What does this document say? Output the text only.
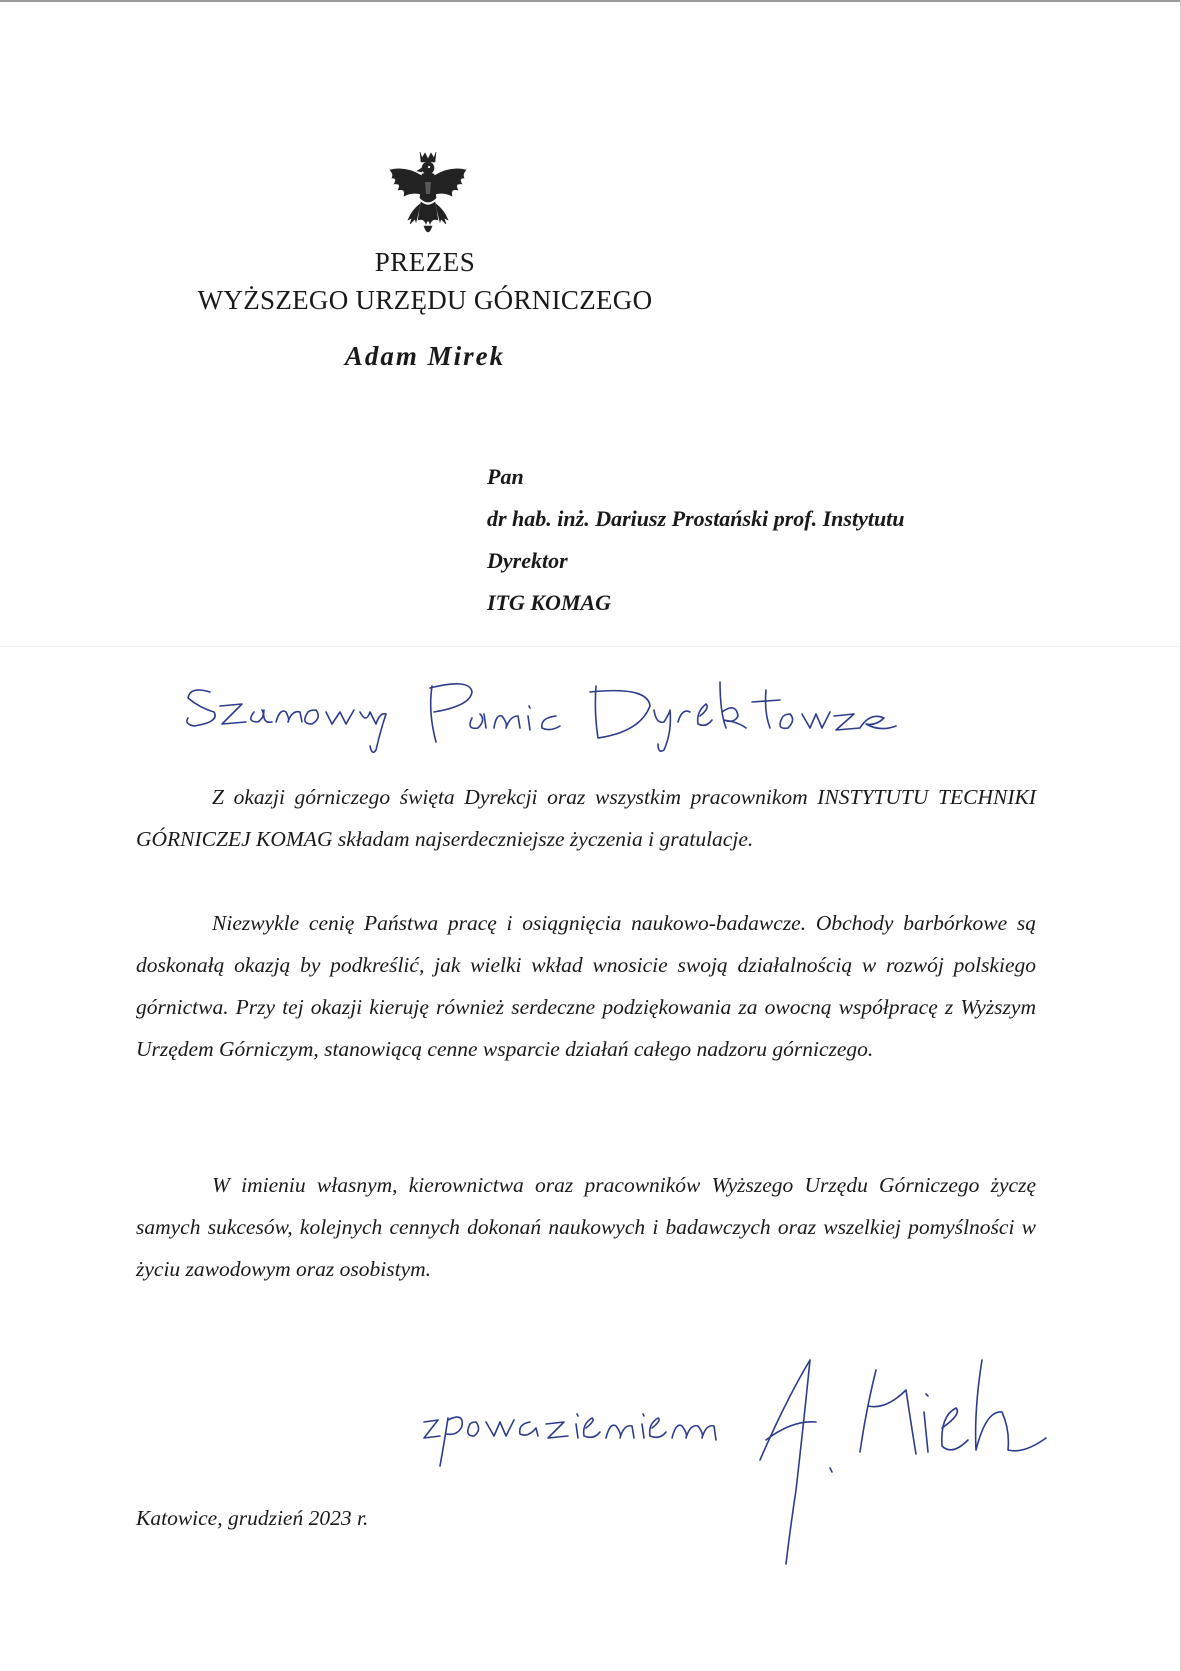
PREZES
WYŻSZEGO URZĘDU GÓRNICZEGO
Adam Mirek
Pan
dr hab. inż. Dariusz Prostański prof. Instytutu
Dyrektor
ITG KOMAG

Z okazji górniczego święta Dyrekcji oraz wszystkim pracownikom INSTYTUTU TECHNIKI GÓRNICZEJ KOMAG składam najserdeczniejsze życzenia i gratulacje.

Niezwykle cenię Państwa pracę i osiągnięcia naukowo-badawcze. Obchody barbórkowe są doskonałą okazją by podkreślić, jak wielki wkład wnosicie swoją działalnością w rozwój polskiego górnictwa. Przy tej okazji kieruję również serdeczne podziękowania za owocną współpracę z Wyższym Urzędem Górniczym, stanowiącą cenne wsparcie działań całego nadzoru górniczego.

W imieniu własnym, kierownictwa oraz pracowników Wyższego Urzędu Górniczego życzę samych sukcesów, kolejnych cennych dokonań naukowych i badawczych oraz wszelkiej pomyślności w życiu zawodowym oraz osobistym.

Katowice, grudzień 2023 r.
